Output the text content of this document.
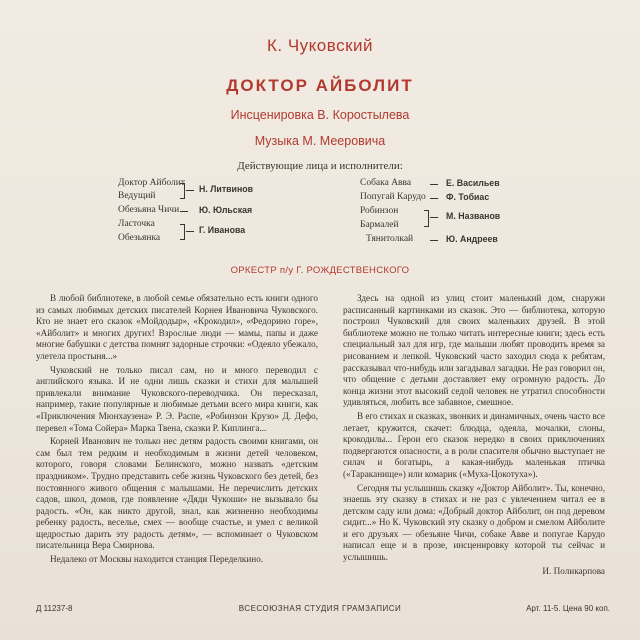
К. Чуковский
ДОКТОР АЙБОЛИТ
Инсценировка В. Коростылева
Музыка М. Мееровича
Действующие лица и исполнители:
Доктор Айболит
Ведущий
Обезьяна Чичи
Ласточка
Обезьянка
Н. Литвинов
Ю. Юльская
Г. Иванова
Собака Авва
Попугай Карудо
Робинзон
Бармалей
Тянитолкай
Е. Васильев
Ф. Тобиас
М. Названов
Ю. Андреев
ОРКЕСТР п/у Г. РОЖДЕСТВЕНСКОГО

В любой библиотеке, в любой семье обязательно есть книги одного из самых любимых детских писателей Корнея Ивановича Чуковского. Кто не знает его сказок «Мойдодыр», «Крокодил», «Федорино горе», «Айболит» и многих других! Взрослые люди — мамы, папы и даже многие бабушки с детства помнят задорные строчки: «Одеяло убежало, улетела простыня...»

Чуковский не только писал сам, но и много переводил с английского языка. И не одни лишь сказки и стихи для малышей привлекали внимание Чуковского-переводчика. Он пересказал, например, такие популярные и любимые детьми всего мира книги, как «Приключения Мюнхаузена» Р. Э. Распе, «Робинзон Крузо» Д. Дефо, перевел «Тома Сойера» Марка Твена, сказки Р. Киплинга...

Корней Иванович не только нес детям радость своими книгами, он сам был тем редким и необходимым в жизни детей человеком, которого, говоря словами Белинского, можно назвать «детским праздником». Трудно представить себе жизнь Чуковского без детей, без постоянного живого общения с малышами. Не перечислить детских садов, школ, домов, где появление «Дяди Чукоши» не вызывало бы радость. «Он, как никто другой, знал, как жизненно необходимы ребенку радость, веселье, смех — вообще счастье, и умел с великой щедростью дарить эту радость детям», — вспоминает о Чуковском писательница Вера Смирнова.

Недалеко от Москвы находится станция Переделкино.

Здесь на одной из улиц стоит маленький дом, снаружи расписанный картинками из сказок. Это — библиотека, которую построил Чуковский для своих маленьких друзей. В этой библиотеке можно не только читать интересные книги; здесь есть специальный зал для игр, где малыши любят проводить время за рисованием и лепкой. Чуковский часто заходил сюда к ребятам, рассказывал что-нибудь или загадывал загадки. Не раз говорил он, что общение с детьми доставляет ему огромную радость. До конца жизни этот высокий седой человек не утратил способности удивляться, любить все забавное, смешное.

В его стихах и сказках, звонких и динамичных, очень часто все летает, кружится, скачет: блюдца, одеяла, мочалки, слоны, крокодилы... Герои его сказок нередко в своих приключениях подвергаются опасности, а в роли спасителя обычно выступает не силач и богатырь, а какая-нибудь маленькая птичка («Тараканище») или комарик («Муха-Цокотуха»).

Сегодня ты услышишь сказку «Доктор Айболит». Ты, конечно, знаешь эту сказку в стихах и не раз с увлечением читал ее в детском саду или дома: «Добрый доктор Айболит, он под деревом сидит...» Но К. Чуковский эту сказку о добром и смелом Айболите и его друзьях — обезьяне Чичи, собаке Авве и попугае Карудо написал еще и в прозе, инсценировку которой ты сейчас и услышишь.

И. Поликарпова
Д 11237-8	ВСЕСОЮЗНАЯ СТУДИЯ ГРАМЗАПИСИ	Арт. 11-5. Цена 90 коп.
